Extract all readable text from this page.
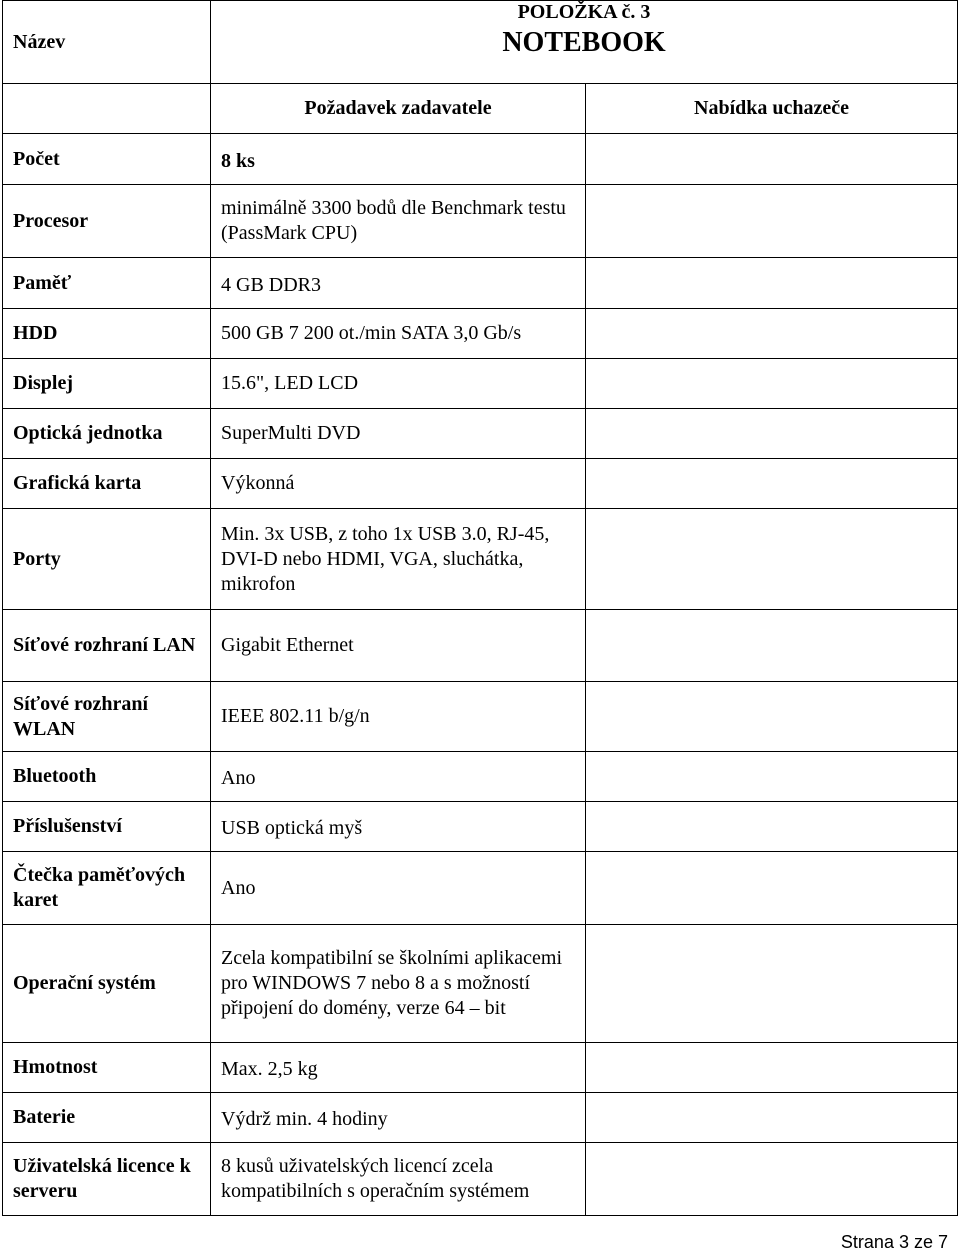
Název	POLOŽKA č. 3
NOTEBOOK	

	Požadavek zadavatele	Nabídka uchazeče
Počet	8 ks	
Procesor	minimálně 3300 bodů dle Benchmark testu (PassMark CPU)	
Paměť	4 GB DDR3	
HDD	500 GB 7 200 ot./min SATA 3,0 Gb/s	
Displej	15.6", LED LCD	
Optická jednotka	SuperMulti DVD	
Grafická karta	Výkonná	
Porty	Min. 3x USB, z toho 1x USB 3.0, RJ-45, DVI-D nebo HDMI, VGA, sluchátka, mikrofon	
Síťové rozhraní LAN	Gigabit Ethernet	
Síťové rozhraní WLAN	IEEE 802.11 b/g/n	
Bluetooth	Ano	
Příslušenství	USB optická myš	
Čtečka paměťových karet	Ano	
Operační systém	Zcela kompatibilní se školními aplikacemi pro WINDOWS 7 nebo 8 a s možností připojení do domény, verze 64 – bit	
Hmotnost	Max. 2,5 kg	
Baterie	Výdrž min. 4 hodiny	
Uživatelská licence k serveru	8 kusů uživatelských licencí zcela kompatibilních s operačním systémem	
Strana 3 ze 7
